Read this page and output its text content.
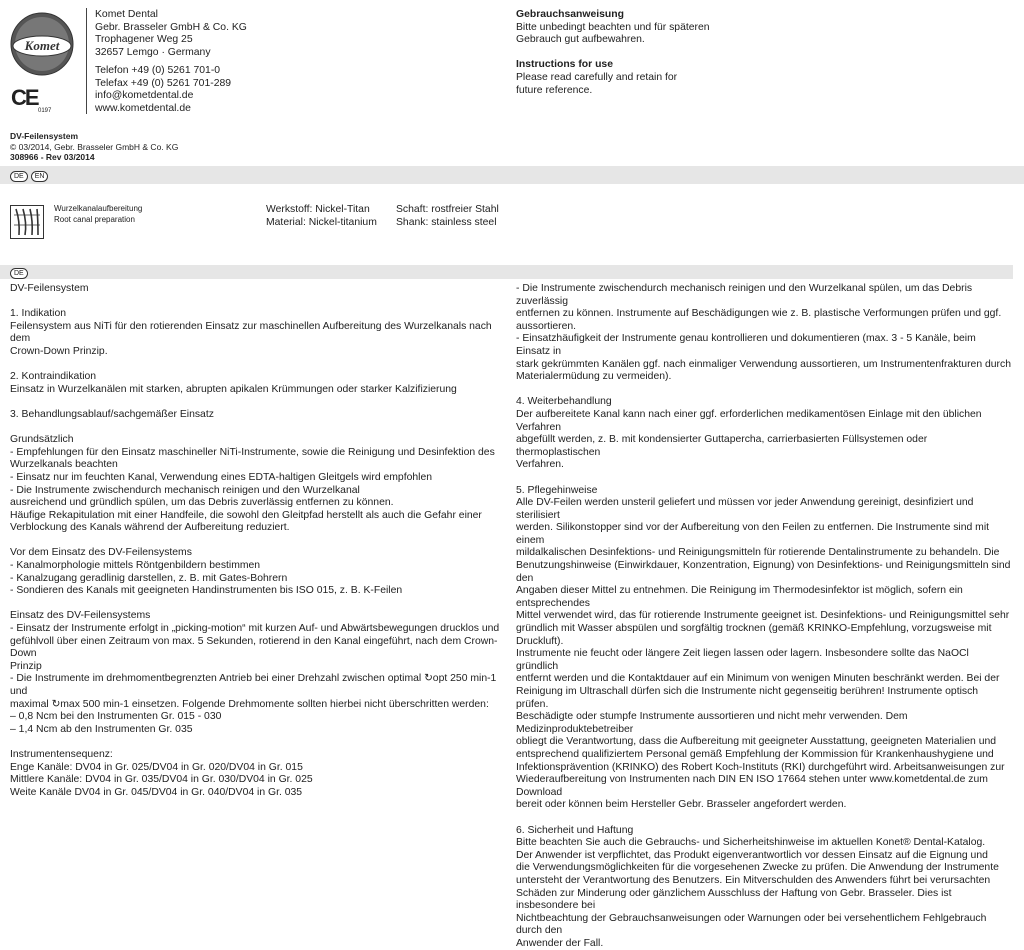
Komet
CE
0197
Komet Dental
Gebr. Brasseler GmbH & Co. KG
Trophagener Weg 25
32657 Lemgo · Germany
Telefon +49 (0) 5261 701-0
Telefax +49 (0) 5261 701-289
info@kometdental.de
www.kometdental.de
Gebrauchsanweisung
Bitte unbedingt beachten und für späteren
Gebrauch gut aufbewahren.
Instructions for use
Please read carefully and retain for
future reference.
DV-Feilensystem
© 03/2014, Gebr. Brasseler GmbH & Co. KG
308966 - Rev 03/2014
DE EN
Wurzelkanalaufbereitung
Root canal preparation
Werkstoff: Nickel-Titan
Material: Nickel-titanium
Schaft: rostfreier Stahl
Shank: stainless steel
DE

DV-Feilensystem

1. Indikation

Feilensystem aus NiTi für den rotierenden Einsatz zur maschinellen Aufbereitung des Wurzelkanals nach dem

Crown-Down Prinzip.

2. Kontraindikation

Einsatz in Wurzelkanälen mit starken, abrupten apikalen Krümmungen oder starker Kalzifizierung

3. Behandlungsablauf/sachgemäßer Einsatz

Grundsätzlich

- Empfehlungen für den Einsatz maschineller NiTi-Instrumente, sowie die Reinigung und Desinfektion des

Wurzelkanals beachten

- Einsatz nur im feuchten Kanal, Verwendung eines EDTA-haltigen Gleitgels wird empfohlen

- Die Instrumente zwischendurch mechanisch reinigen und den Wurzelkanal

ausreichend und gründlich spülen, um das Debris zuverlässig entfernen zu können.

Häufige Rekapitulation mit einer Handfeile, die sowohl den Gleitpfad herstellt als auch die Gefahr einer

Verblockung des Kanals während der Aufbereitung reduziert.

Vor dem Einsatz des DV-Feilensystems

- Kanalmorphologie mittels Röntgenbildern bestimmen

- Kanalzugang geradlinig darstellen, z. B. mit Gates-Bohrern

- Sondieren des Kanals mit geeigneten Handinstrumenten bis ISO 015, z. B. K-Feilen

Einsatz des DV-Feilensystems

- Einsatz der Instrumente erfolgt in „picking-motion“ mit kurzen Auf- und Abwärtsbewegungen drucklos und

gefühlvoll über einen Zeitraum von max. 5 Sekunden, rotierend in den Kanal eingeführt, nach dem Crown-Down

Prinzip

- Die Instrumente im drehmomentbegrenzten Antrieb bei einer Drehzahl zwischen optimal ↻opt 250 min-1 und

maximal ↻max 500 min-1 einsetzen. Folgende Drehmomente sollten hierbei nicht überschritten werden:

– 0,8 Ncm bei den Instrumenten Gr. 015 - 030

– 1,4 Ncm ab den Instrumenten Gr. 035

Instrumentensequenz:

Enge Kanäle: DV04 in Gr. 025/DV04 in Gr. 020/DV04 in Gr. 015

Mittlere Kanäle: DV04 in Gr. 035/DV04 in Gr. 030/DV04 in Gr. 025

Weite Kanäle DV04 in Gr. 045/DV04 in Gr. 040/DV04 in Gr. 035

- Die Instrumente zwischendurch mechanisch reinigen und den Wurzelkanal spülen, um das Debris zuverlässig

entfernen zu können. Instrumente auf Beschädigungen wie z. B. plastische Verformungen prüfen und ggf.

aussortieren.

- Einsatzhäufigkeit der Instrumente genau kontrollieren und dokumentieren (max. 3 - 5 Kanäle, beim Einsatz in

stark gekrümmten Kanälen ggf. nach einmaliger Verwendung aussortieren, um Instrumentenfrakturen durch

Materialermüdung zu vermeiden).

4. Weiterbehandlung

Der aufbereitete Kanal kann nach einer ggf. erforderlichen medikamentösen Einlage mit den üblichen Verfahren

abgefüllt werden, z. B. mit kondensierter Guttapercha, carrierbasierten Füllsystemen oder thermoplastischen

Verfahren.

5. Pflegehinweise

Alle DV-Feilen werden unsteril geliefert und müssen vor jeder Anwendung gereinigt, desinfiziert und sterilisiert

werden. Silikonstopper sind vor der Aufbereitung von den Feilen zu entfernen. Die Instrumente sind mit einem

mildalkalischen Desinfektions- und Reinigungsmitteln für rotierende Dentalinstrumente zu behandeln. Die

Benutzungshinweise (Einwirkdauer, Konzentration, Eignung) von Desinfektions- und Reinigungsmitteln sind den

Angaben dieser Mittel zu entnehmen. Die Reinigung im Thermodesinfektor ist möglich, sofern ein entsprechendes

Mittel verwendet wird, das für rotierende Instrumente geeignet ist. Desinfektions- und Reinigungsmittel sehr

gründlich mit Wasser abspülen und sorgfältig trocknen (gemäß KRINKO-Empfehlung, vorzugsweise mit Druckluft).

Instrumente nie feucht oder längere Zeit liegen lassen oder lagern. Insbesondere sollte das NaOCl gründlich

entfernt werden und die Kontaktdauer auf ein Minimum von wenigen Minuten beschränkt werden. Bei der

Reinigung im Ultraschall dürfen sich die Instrumente nicht gegenseitig berühren! Instrumente optisch prüfen.

Beschädigte oder stumpfe Instrumente aussortieren und nicht mehr verwenden. Dem Medizinproduktebetreiber

obliegt die Verantwortung, dass die Aufbereitung mit geeigneter Ausstattung, geeigneten Materialien und

entsprechend qualifiziertem Personal gemäß Empfehlung der Kommission für Krankenhaushygiene und

Infektionsprävention (KRINKO) des Robert Koch-Instituts (RKI) durchgeführt wird. Arbeitsanweisungen zur

Wiederaufbereitung von Instrumenten nach DIN EN ISO 17664 stehen unter www.kometdental.de zum Download

bereit oder können beim Hersteller Gebr. Brasseler angefordert werden.

6. Sicherheit und Haftung

Bitte beachten Sie auch die Gebrauchs- und Sicherheitshinweise im aktuellen Konet® Dental-Katalog.

Der Anwender ist verpflichtet, das Produkt eigenverantwortlich vor dessen Einsatz auf die Eignung und

die Verwendungsmöglichkeiten für die vorgesehenen Zwecke zu prüfen. Die Anwendung der Instrumente

untersteht der Verantwortung des Benutzers. Ein Mitverschulden des Anwenders führt bei verursachten

Schäden zur Minderung oder gänzlichem Ausschluss der Haftung von Gebr. Brasseler. Dies ist insbesondere bei

Nichtbeachtung der Gebrauchsanweisungen oder Warnungen oder bei versehentlichem Fehlgebrauch durch den

Anwender der Fall.
